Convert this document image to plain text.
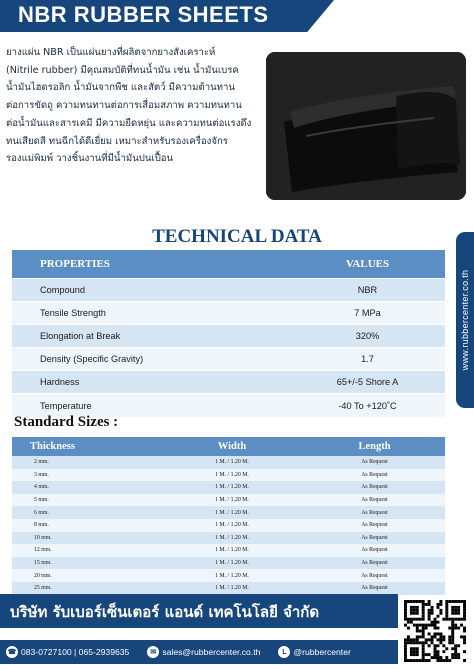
NBR RUBBER SHEETS
ยางแผ่น NBR เป็นแผ่นยางที่ผลิตจากยางสังเคราะห์
(Nitrile rubber) มีคุณสมบัติที่ทนน้ำมัน เช่น น้ำมันเบรค
น้ำมันไฮดรอลิก น้ำมันจากพืช และสัตว์ มีความต้านทาน
ต่อการขัดถู ความทนทานต่อการเสื่อมสภาพ ความทนทาน
ต่อน้ำมันและสารเคมี มีความยืดหยุ่น และความทนต่อแรงดึง
ทนเสียดสี ทนฉีกได้ดีเยี่ยม เหมาะสำหรับรองเครื่องจักร
รองแม่พิมพ์ วางชิ้นงานที่มีน้ำมันปนเปื้อน
TECHNICAL DATA
PROPERTIES	VALUES
Compound	NBR
Tensile Strength	7 MPa
Elongation at Break	320%
Density (Specific Gravity)	1.7
Hardness	65+/-5 Shore A
Temperature	-40 To +120˚C
www.rubbercenter.co.th
Standard Sizes :
Thickness	Width	Length
2 mm.	1 M. / 1.20 M.	As Request
3 mm.	1 M. / 1.20 M.	As Request
4 mm.	1 M. / 1.20 M.	As Request
5 mm.	1 M. / 1.20 M.	As Request
6 mm.	1 M. / 1.20 M.	As Request
8 mm.	1 M. / 1.20 M.	As Request
10 mm.	1 M. / 1.20 M.	As Request
12 mm.	1 M. / 1.20 M.	As Request
15 mm.	1 M. / 1.20 M.	As Request
20 mm.	1 M. / 1.20 M.	As Request
25 mm.	1 M. / 1.20 M.	As Request
บริษัท รับเบอร์เซ็นเตอร์ แอนด์ เทคโนโลยี จำกัด
☎ 083-0727100 | 065-2939635	✉ sales@rubbercenter.co.th	L @rubbercenter
